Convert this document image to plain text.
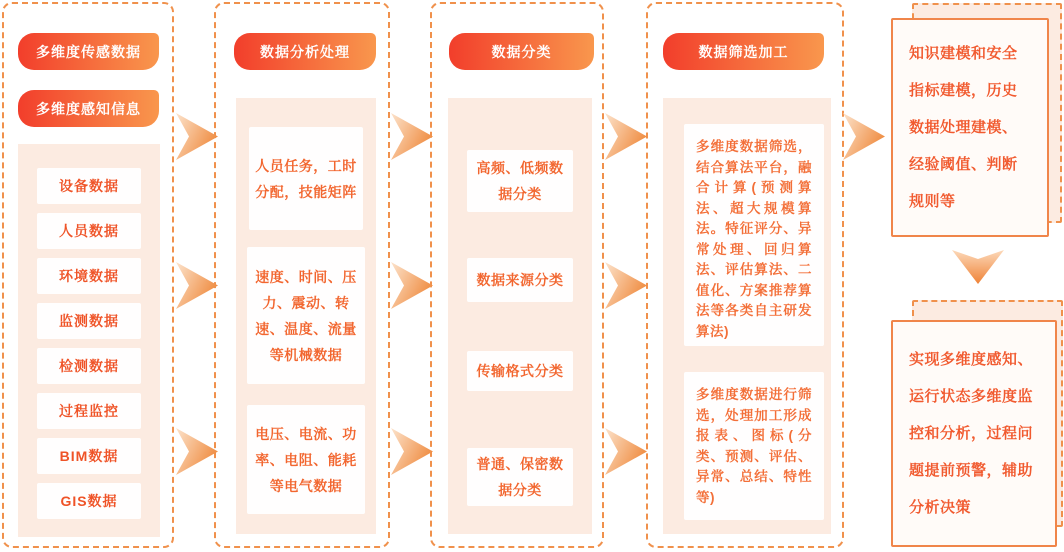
多维度传感数据
多维度感知信息
设备数据
人员数据
环境数据
监测数据
检测数据
过程监控
BIM数据
GIS数据
数据分析处理
人员任务，工时分配，技能矩阵
速度、时间、压力、震动、转速、温度、流量等机械数据
电压、电流、功率、电阻、能耗等电气数据
数据分类
高频、低频数据分类
数据来源分类
传输格式分类
普通、保密数据分类
数据筛选加工
多维度数据筛选，结合算法平台，融合计算(预测算法、超大规模算法。特征评分、异常处理、回归算法、评估算法、二值化、方案推荐算法等各类自主研发算法)
多维度数据进行筛选，处理加工形成报表、图标(分类、预测、评估、异常、总结、特性等)
知识建模和安全指标建模，历史数据处理建模、经验阈值、判断规则等
实现多维度感知、运行状态多维度监控和分析，过程问题提前预警，辅助分析决策
